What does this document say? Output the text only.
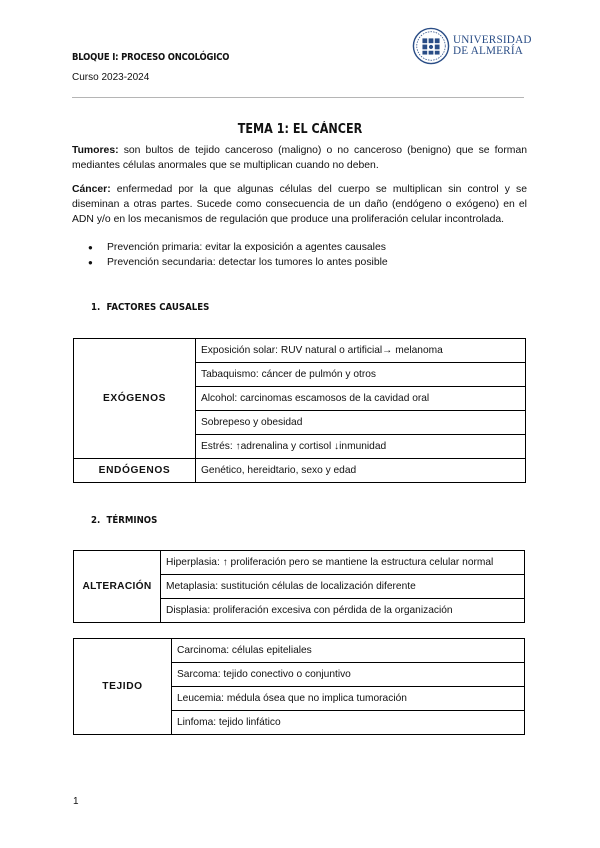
BLOQUE I: PROCESO ONCOLÓGICO
Curso 2023-2024
UNIVERSIDAD
DE ALMERÍA
TEMA 1: EL CÁNCER
Tumores: son bultos de tejido canceroso (maligno) o no canceroso (benigno) que se forman mediantes células anormales que se multiplican cuando no deben.
Cáncer: enfermedad por la que algunas células del cuerpo se multiplican sin control y se diseminan a otras partes. Sucede como consecuencia de un daño (endógeno o exógeno) en el ADN y/o en los mecanismos de regulación que produce una proliferación celular incontrolada.
● Prevención primaria: evitar la exposición a agentes causales
● Prevención secundaria: detectar los tumores lo antes posible
1. FACTORES CAUSALES
EXÓGENOS	Exposición solar: RUV natural o artificial→ melanoma
	Tabaquismo: cáncer de pulmón y otros
	Alcohol: carcinomas escamosos de la cavidad oral
	Sobrepeso y obesidad
	Estrés: ↑adrenalina y cortisol ↓inmunidad
ENDÓGENOS	Genético, hereidtario, sexo y edad
2. TÉRMINOS
ALTERACIÓN	Hiperplasia: ↑ proliferación pero se mantiene la estructura celular normal
Metaplasia: sustitución células de localización diferente
Displasia: proliferación excesiva con pérdida de la organización
TEJIDO	Carcinoma: células epiteliales
Sarcoma: tejido conectivo o conjuntivo
Leucemia: médula ósea que no implica tumoración
Linfoma: tejido linfático
1
